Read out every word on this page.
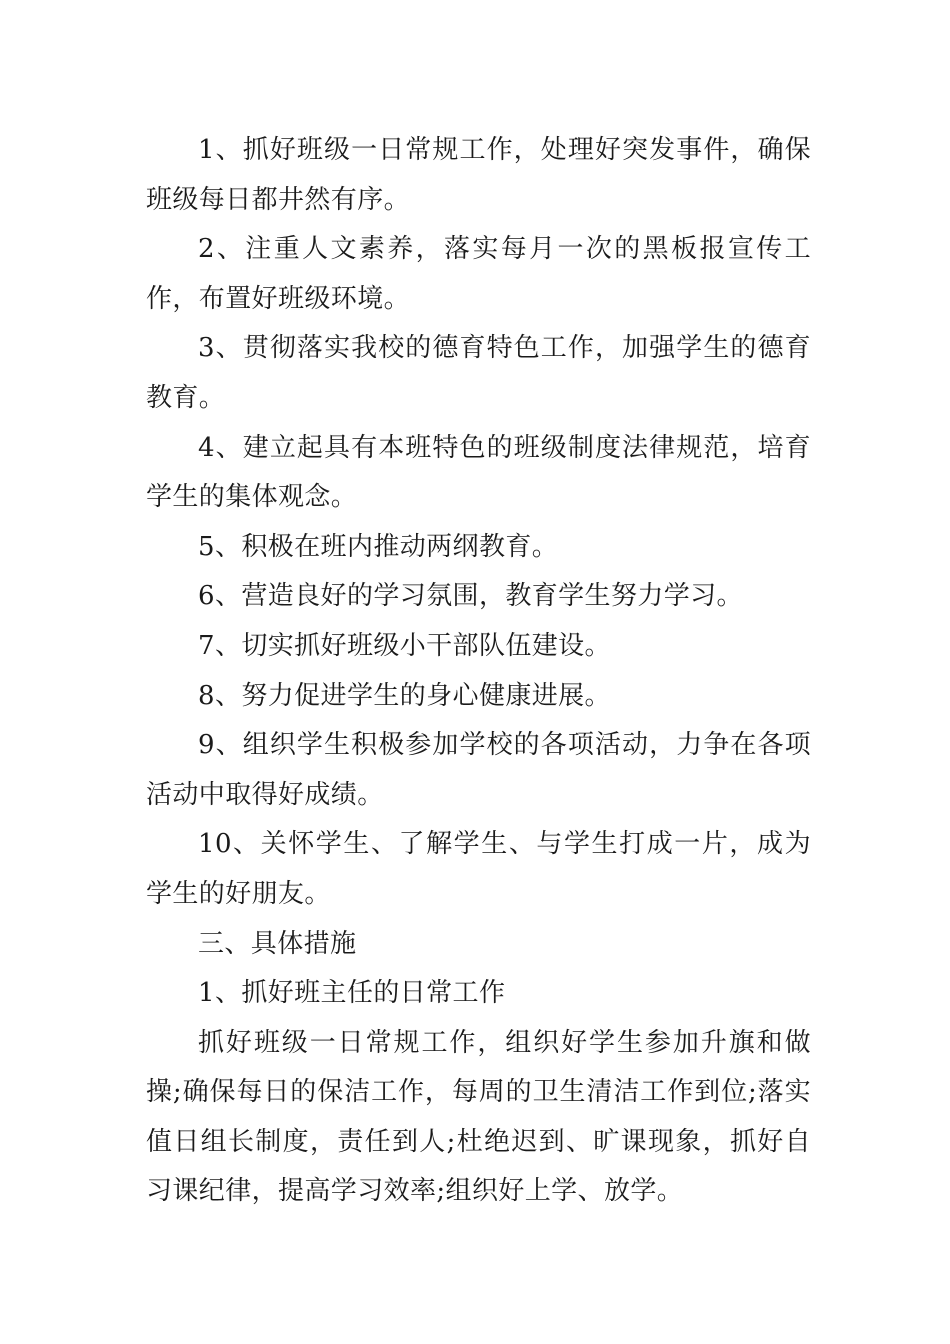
1、抓好班级一日常规工作，处理好突发事件，确保班级每日都井然有序。

2、注重人文素养，落实每月一次的黑板报宣传工作，布置好班级环境。

3、贯彻落实我校的德育特色工作，加强学生的德育教育。

4、建立起具有本班特色的班级制度法律规范，培育学生的集体观念。

5、积极在班内推动两纲教育。

6、营造良好的学习氛围，教育学生努力学习。

7、切实抓好班级小干部队伍建设。

8、努力促进学生的身心健康进展。

9、组织学生积极参加学校的各项活动，力争在各项活动中取得好成绩。

10、关怀学生、了解学生、与学生打成一片，成为学生的好朋友。

三、具体措施

1、抓好班主任的日常工作

抓好班级一日常规工作，组织好学生参加升旗和做操;确保每日的保洁工作，每周的卫生清洁工作到位;落实值日组长制度，责任到人;杜绝迟到、旷课现象，抓好自习课纪律，提高学习效率;组织好上学、放学。
